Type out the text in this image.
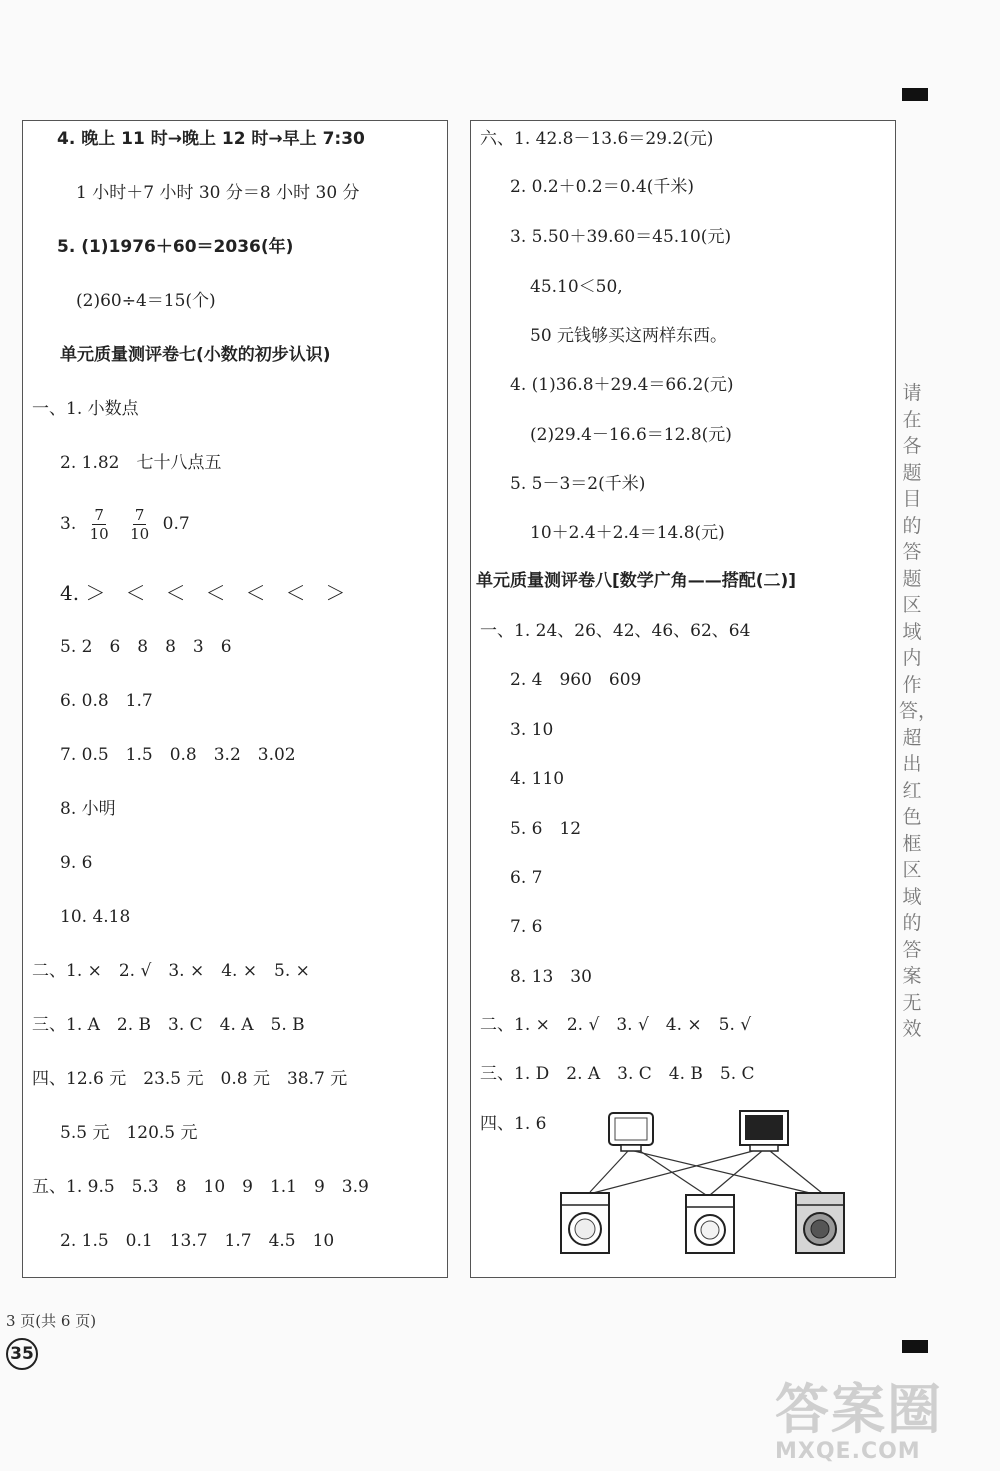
4. 晚上 11 时→晚上 12 时→早上 7:30
1 小时＋7 小时 30 分＝8 小时 30 分
5. (1)1976＋60＝2036(年)
(2)60÷4＝15(个)
单元质量测评卷七(小数的初步认识)
一、1. 小数点
2. 1.82　七十八点五
3. $\frac{7}{10}$
$\frac{7}{10} 0.7$
4. ＞　＜　＜　＜　＜　＜　＞
5. 2　6　8　8　3　6
6. 0.8　1.7
7. 0.5　1.5　0.8　3.2　3.02
8. 小明
9. 6
10. 4.18
二、1. ×　2. √　3. ×　4. ×　5. ×
三、1. A　2. B　3. C　4. A　5. B
四、12.6 元　23.5 元　0.8 元　38.7 元
5.5 元　120.5 元
五、1. 9.5　5.3　8　10　9　1.1　9　3.9
2. 1.5　0.1　13.7　1.7　4.5　10
六、1. 42.8－13.6＝29.2(元)
2. 0.2＋0.2＝0.4(千米)
3. 5.50＋39.60＝45.10(元)
45.10＜50,
50 元钱够买这两样东西。
4. (1)36.8＋29.4＝66.2(元)
(2)29.4－16.6＝12.8(元)
5. 5－3＝2(千米)
10＋2.4＋2.4＝14.8(元)
单元质量测评卷八[数学广角——搭配(二)]
一、1. 24、26、42、46、62、64
2. 4　960　609
3. 10
4. 110
5. 6　12
6. 7
7. 6
8. 13　30
二、1. ×　2. √　3. √　4. ×　5. √
三、1. D　2. A　3. C　4. B　5. C
四、1. 6
请在各题目的答题区域内作答，超出红色框区域的答案无效
3 页(共 6 页)
35
答案圈
MXQE.COM
